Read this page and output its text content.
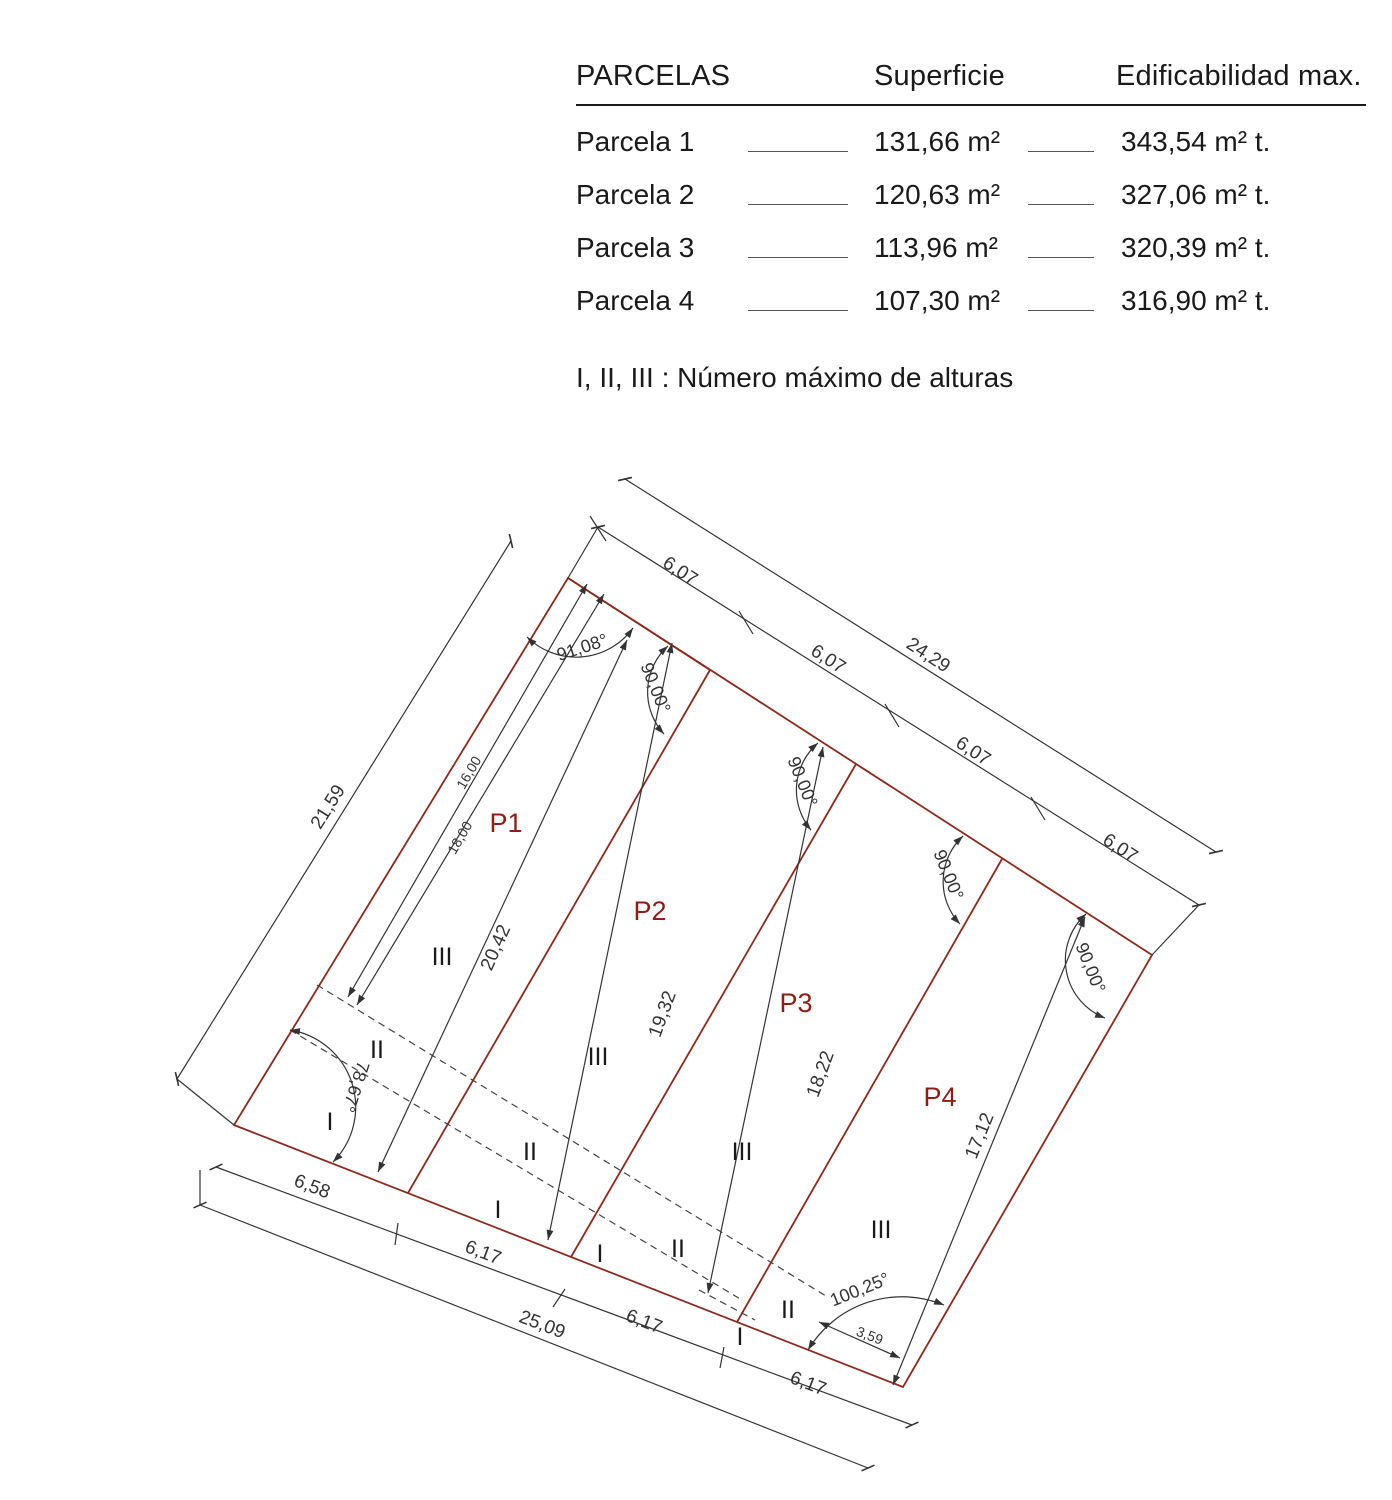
PARCELAS	Superficie	Edificabilidad max.
Parcela 1	131,66 m²	343,54 m² t.
Parcela 2	120,63 m²	327,06 m² t.
Parcela 3	113,96 m²	320,39 m² t.
Parcela 4	107,30 m²	316,90 m² t.
I, II, III : Número máximo de alturas
P1
P2
P3
P4
III
II
I
III
II
I
III
II
I
III
II
I
6,07
6,07
6,07
6,07
24,29
21,59
6,58
6,17
6,17
6,17
25,09
20,42
19,32
18,22
17,12
16,00
18,00
3,59
91,08°
90,00°
90,00°
90,00°
90,00°
78,67°
100,25°
